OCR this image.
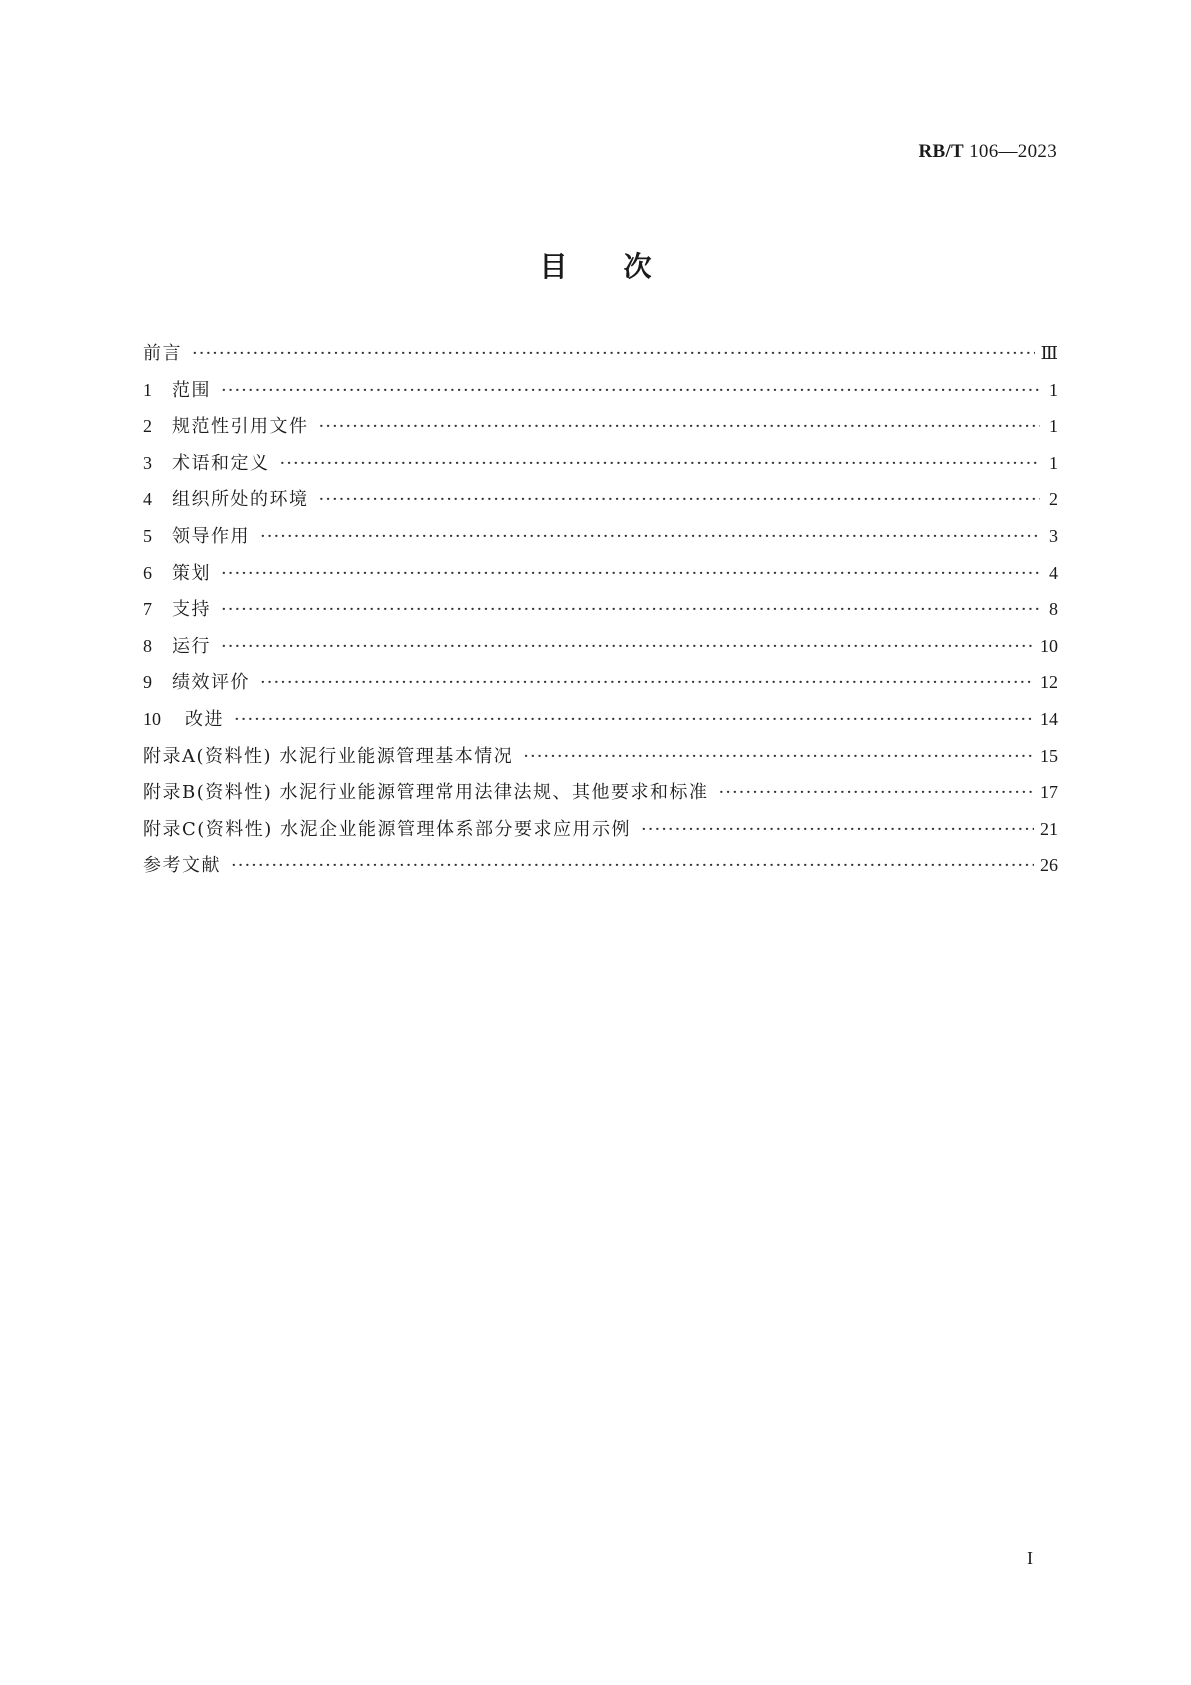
RB/T 106—2023
目次
前言 ·····	Ⅲ
1	范围 ·····	1
2	规范性引用文件 ·····	1
3	术语和定义 ·····	1
4	组织所处的环境 ·····	2
5	领导作用 ·····	3
6	策划 ·····	4
7	支持 ·····	8
8	运行 ·····	10
9	绩效评价 ·····	12
10	改进 ·····	14
附录A(资料性) 水泥行业能源管理基本情况 ·····	15
附录B(资料性) 水泥行业能源管理常用法律法规、其他要求和标准 ·····	17
附录C(资料性) 水泥企业能源管理体系部分要求应用示例 ·····	21
参考文献 ·····	26
I
